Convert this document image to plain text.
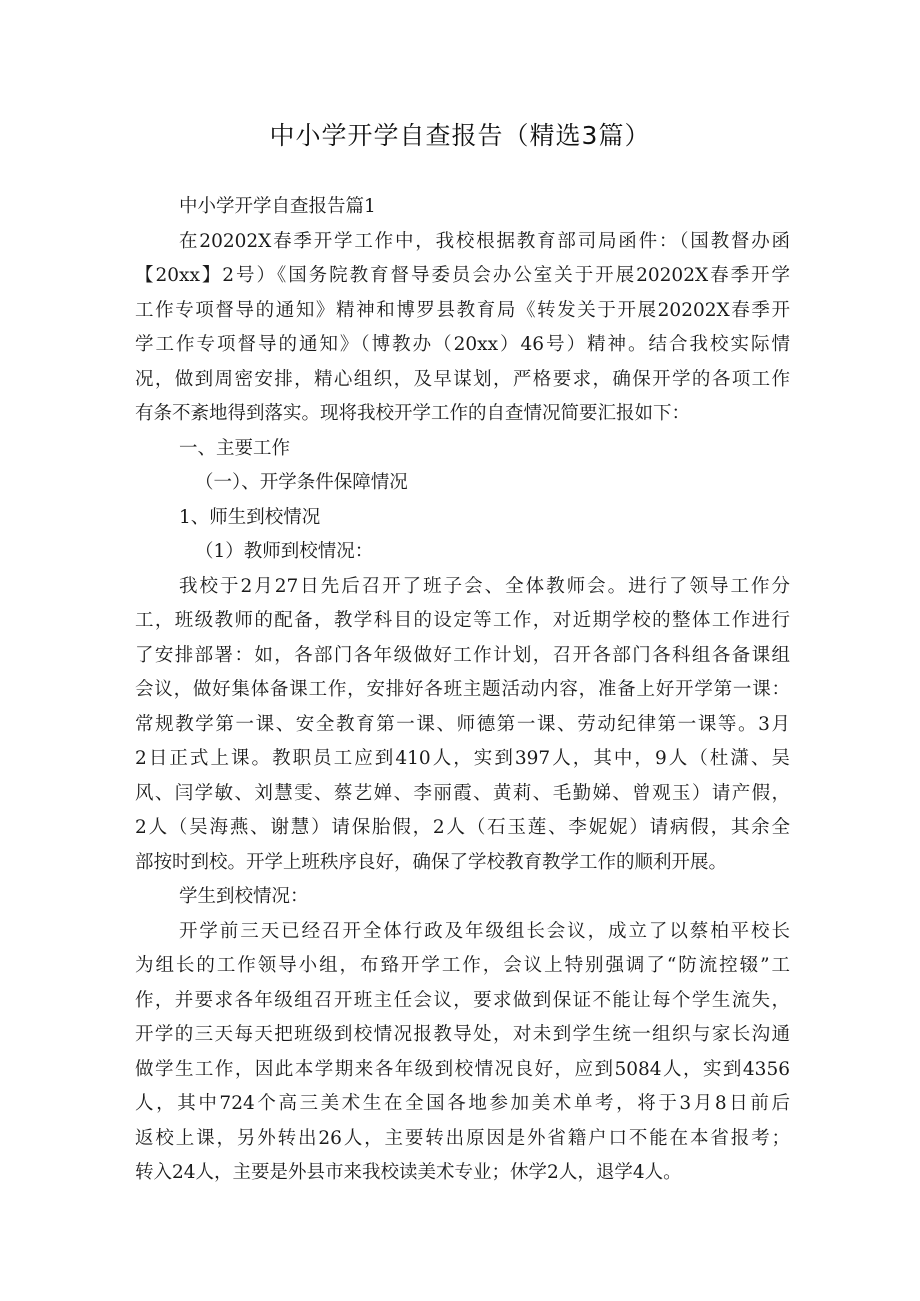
中小学开学自查报告（精选3篇）
中小学开学自查报告篇1
在20202X春季开学工作中，我校根据教育部司局函件：（国教督办函
【20xx】2号）《国务院教育督导委员会办公室关于开展20202X春季开学
工作专项督导的通知》精神和博罗县教育局《转发关于开展20202X春季开
学工作专项督导的通知》（博教办（20xx）46号）精神。结合我校实际情
况，做到周密安排，精心组织，及早谋划，严格要求，确保开学的各项工作
有条不紊地得到落实。现将我校开学工作的自查情况简要汇报如下：
一、主要工作
（一）、开学条件保障情况
1、师生到校情况
（1）教师到校情况：
我校于2月27日先后召开了班子会、全体教师会。进行了领导工作分
工，班级教师的配备，教学科目的设定等工作，对近期学校的整体工作进行
了安排部署：如，各部门各年级做好工作计划，召开各部门各科组各备课组
会议，做好集体备课工作，安排好各班主题活动内容，准备上好开学第一课：
常规教学第一课、安全教育第一课、师德第一课、劳动纪律第一课等。3月
2日正式上课。教职员工应到410人，实到397人，其中，9人（杜潇、吴
风、闫学敏、刘慧雯、蔡艺婵、李丽霞、黄莉、毛勤娣、曾观玉）请产假，
2人（吴海燕、谢慧）请保胎假，2人（石玉莲、李妮妮）请病假，其余全
部按时到校。开学上班秩序良好，确保了学校教育教学工作的顺利开展。
学生到校情况：
开学前三天已经召开全体行政及年级组长会议，成立了以蔡柏平校长
为组长的工作领导小组，布臵开学工作，会议上特别强调了“防流控辍”工
作，并要求各年级组召开班主任会议，要求做到保证不能让每个学生流失，
开学的三天每天把班级到校情况报教导处，对未到学生统一组织与家长沟通
做学生工作，因此本学期来各年级到校情况良好，应到5084人，实到4356
人，其中724个高三美术生在全国各地参加美术单考，将于3月8日前后
返校上课，另外转出26人，主要转出原因是外省籍户口不能在本省报考；
转入24人，主要是外县市来我校读美术专业；休学2人，退学4人。
